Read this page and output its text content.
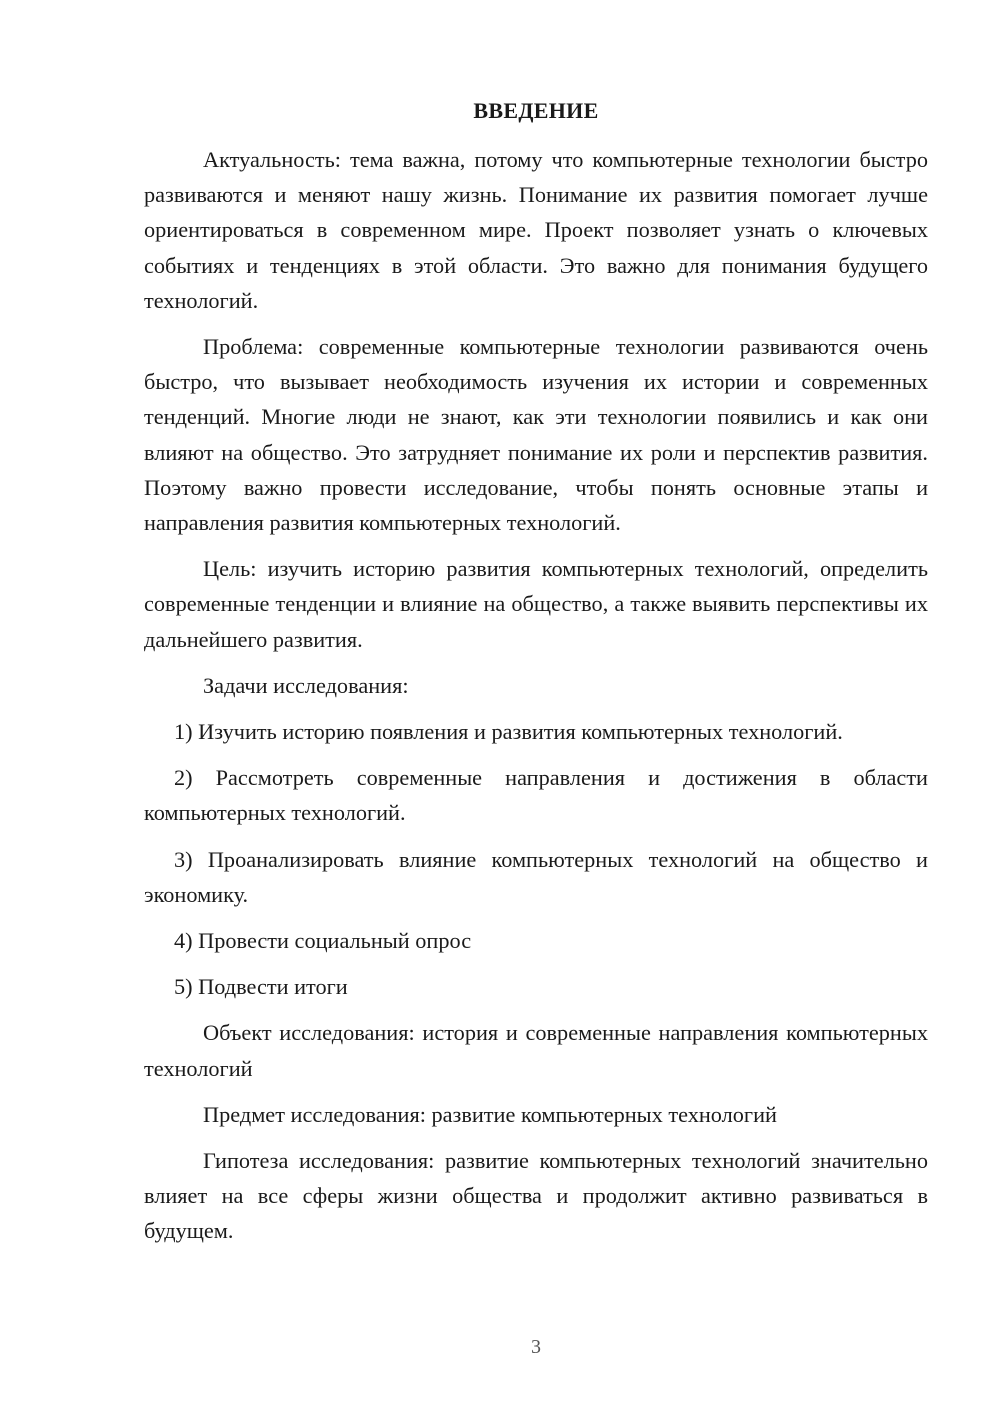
ВВЕДЕНИЕ

Актуальность: тема важна, потому что компьютерные технологии быстро развиваются и меняют нашу жизнь. Понимание их развития помогает лучше ориентироваться в современном мире. Проект позволяет узнать о ключевых событиях и тенденциях в этой области. Это важно для понимания будущего технологий.

Проблема: современные компьютерные технологии развиваются очень быстро, что вызывает необходимость изучения их истории и современных тенденций. Многие люди не знают, как эти технологии появились и как они влияют на общество. Это затрудняет понимание их роли и перспектив развития. Поэтому важно провести исследование, чтобы понять основные этапы и направления развития компьютерных технологий.

Цель: изучить историю развития компьютерных технологий, определить современные тенденции и влияние на общество, а также выявить перспективы их дальнейшего развития.

Задачи исследования:

1) Изучить историю появления и развития компьютерных технологий.

2) Рассмотреть современные направления и достижения в области компьютерных технологий.

3) Проанализировать влияние компьютерных технологий на общество и экономику.

4) Провести социальный опрос

5) Подвести итоги

Объект исследования: история и современные направления компьютерных технологий

Предмет исследования: развитие компьютерных технологий

Гипотеза исследования: развитие компьютерных технологий значительно влияет на все сферы жизни общества и продолжит активно развиваться в будущем.

3
